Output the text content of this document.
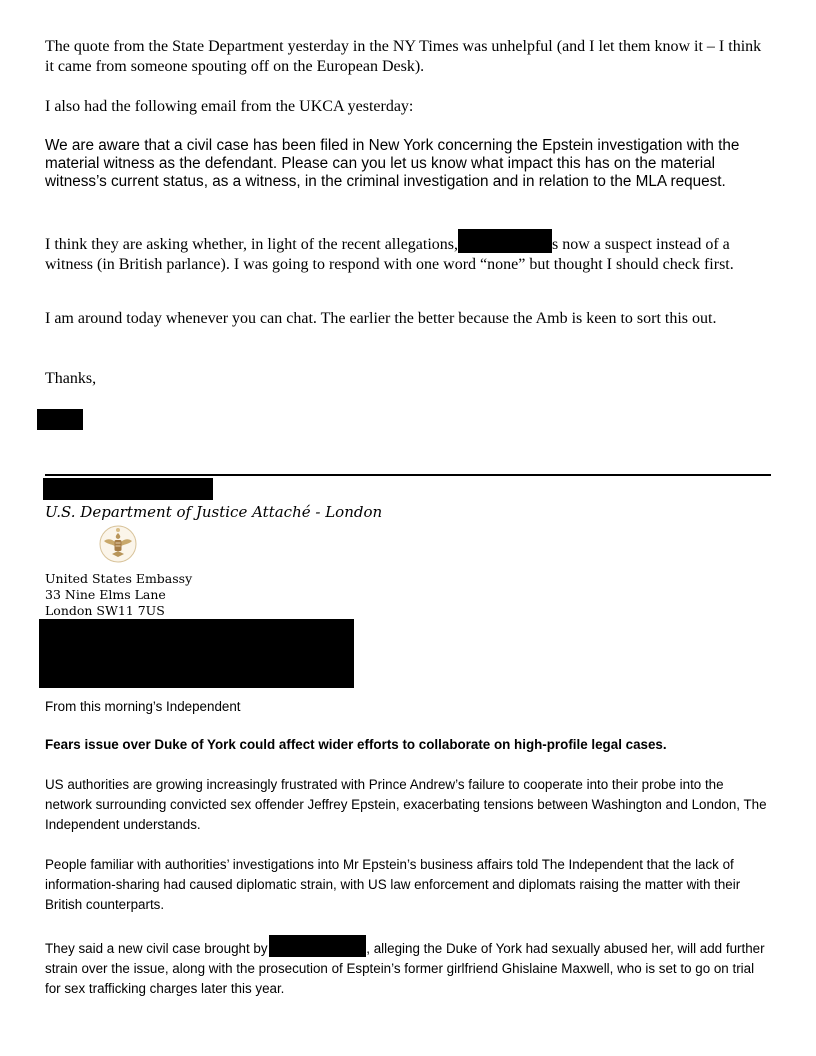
The quote from the State Department yesterday in the NY Times was unhelpful (and I let them know it – I think it came from someone spouting off on the European Desk).

I also had the following email from the UKCA yesterday:

We are aware that a civil case has been filed in New York concerning the Epstein investigation with the material witness as the defendant. Please can you let us know what impact this has on the material witness’s current status, as a witness, in the criminal investigation and in relation to the MLA request.

I think they are asking whether, in light of the recent allegations,	s now a suspect instead of a witness (in British parlance). I was going to respond with one word “none” but thought I should check first.

I am around today whenever you can chat. The earlier the better because the Amb is keen to sort this out.

Thanks,

U.S. Department of Justice Attaché - London
United States Embassy
33 Nine Elms Lane
London SW11 7US

From this morning’s Independent

Fears issue over Duke of York could affect wider efforts to collaborate on high-profile legal cases.

US authorities are growing increasingly frustrated with Prince Andrew’s failure to cooperate into their probe into the network surrounding convicted sex offender Jeffrey Epstein, exacerbating tensions between Washington and London, The Independent understands.

People familiar with authorities’ investigations into Mr Epstein’s business affairs told The Independent that the lack of information-sharing had caused diplomatic strain, with US law enforcement and diplomats raising the matter with their British counterparts.

They said a new civil case brought by	, alleging the Duke of York had sexually abused her, will add further strain over the issue, along with the prosecution of Esptein’s former girlfriend Ghislaine Maxwell, who is set to go on trial for sex trafficking charges later this year.
